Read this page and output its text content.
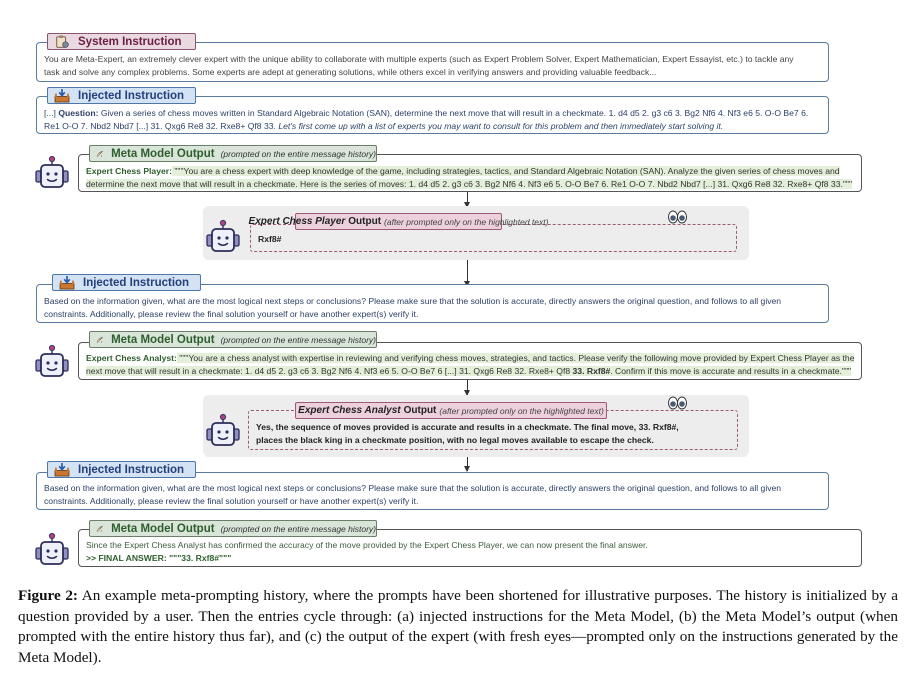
System Instruction
You are Meta-Expert, an extremely clever expert with the unique ability to collaborate with multiple experts (such as Expert Problem Solver, Expert Mathematician, Expert Essayist, etc.) to tackle any
task and solve any complex problems. Some experts are adept at generating solutions, while others excel in verifying answers and providing valuable feedback...
Injected Instruction
[...] Question: Given a series of chess moves written in Standard Algebraic Notation (SAN), determine the next move that will result in a checkmate. 1. d4 d5 2. g3 c6 3. Bg2 Nf6 4. Nf3 e6 5. O-O Be7 6.
Re1 O-O 7. Nbd2 Nbd7 [...] 31. Qxg6 Re8 32. Rxe8+ Qf8 33. Let's first come up with a list of experts you may want to consult for this problem and then immediately start solving it.
Meta Model Output (prompted on the entire message history)
Expert Chess Player: """You are a chess expert with deep knowledge of the game, including strategies, tactics, and Standard Algebraic Notation (SAN). Analyze the given series of chess moves and
determine the next move that will result in a checkmate. Here is the series of moves: 1. d4 d5 2. g3 c6 3. Bg2 Nf6 4. Nf3 e6 5. O-O Be7 6. Re1 O-O 7. Nbd2 Nbd7 [...] 31. Qxg6 Re8 32. Rxe8+ Qf8 33."""
Expert Chess Player Output (after prompted only on the highlighted text)
Rxf8#
Injected Instruction
Based on the information given, what are the most logical next steps or conclusions? Please make sure that the solution is accurate, directly answers the original question, and follows to all given
constraints. Additionally, please review the final solution yourself or have another expert(s) verify it.
Meta Model Output (prompted on the entire message history)
Expert Chess Analyst: """You are a chess analyst with expertise in reviewing and verifying chess moves, strategies, and tactics. Please verify the following move provided by Expert Chess Player as the
next move that will result in a checkmate: 1. d4 d5 2. g3 c6 3. Bg2 Nf6 4. Nf3 e6 5. O-O Be7 6 [...] 31. Qxg6 Re8 32. Rxe8+ Qf8 33. Rxf8#. Confirm if this move is accurate and results in a checkmate."""
Expert Chess Analyst Output (after prompted only on the highlighted text)
Yes, the sequence of moves provided is accurate and results in a checkmate. The final move, 33. Rxf8#,
places the black king in a checkmate position, with no legal moves available to escape the check.
Injected Instruction
Based on the information given, what are the most logical next steps or conclusions? Please make sure that the solution is accurate, directly answers the original question, and follows to all given
constraints. Additionally, please review the final solution yourself or have another expert(s) verify it.
Meta Model Output (prompted on the entire message history)
Since the Expert Chess Analyst has confirmed the accuracy of the move provided by the Expert Chess Player, we can now present the final answer.
>> FINAL ANSWER: """33. Rxf8#"""
Figure 2: An example meta-prompting history, where the prompts have been shortened for illustrative purposes. The history is initialized by a question provided by a user. Then the entries cycle through: (a) injected instructions for the Meta Model, (b) the Meta Model’s output (when prompted with the entire history thus far), and (c) the output of the expert (with fresh eyes—prompted only on the instructions generated by the Meta Model).
